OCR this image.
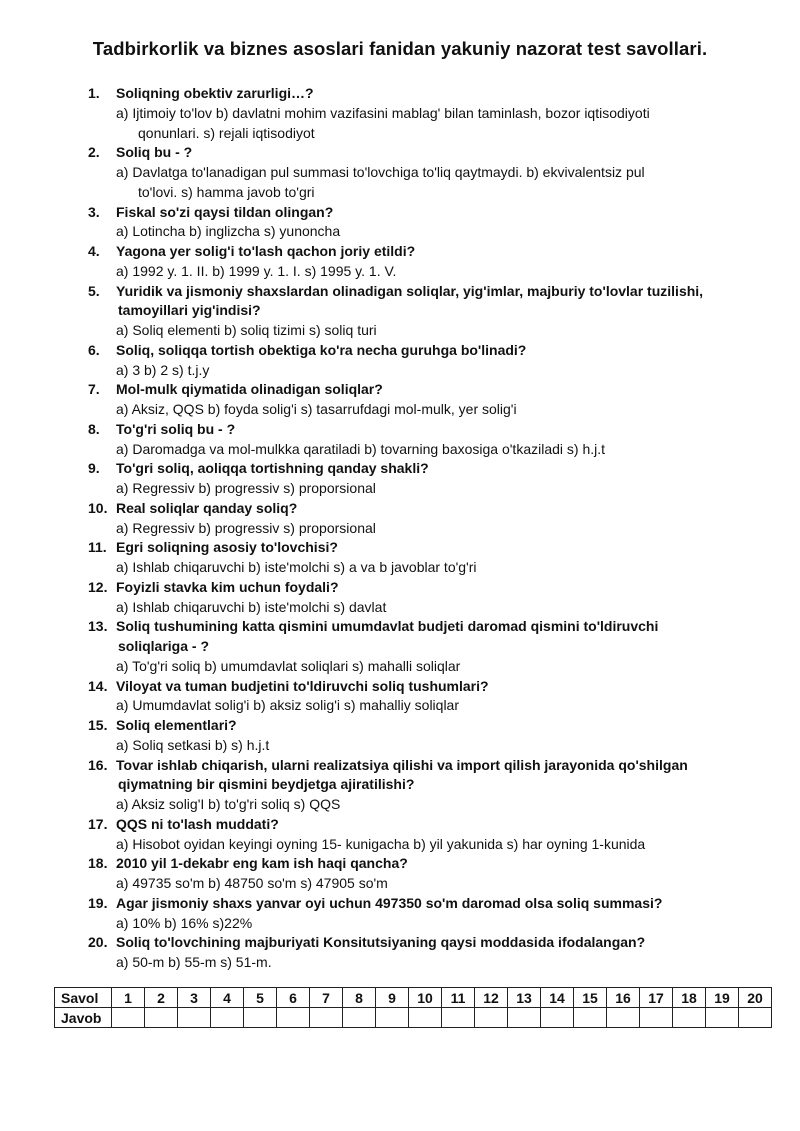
Tadbirkorlik va biznes asoslari fanidan yakuniy nazorat test savollari.
1.	Soliqning obektiv zarurligi…?
a) Ijtimoiy to'lov b) davlatni mohim vazifasini mablag' bilan taminlash, bozor iqtisodiyoti
qonunlari. s) rejali iqtisodiyot
2.	Soliq bu - ?
a) Davlatga to'lanadigan pul summasi to'lovchiga to'liq qaytmaydi. b) ekvivalentsiz pul
to'lovi. s) hamma javob to'gri
3.	Fiskal so'zi qaysi tildan olingan?
a) Lotincha b) inglizcha s) yunoncha
4.	Yagona yer solig'i to'lash qachon joriy etildi?
a) 1992 y. 1. II. b) 1999 y. 1. I. s) 1995 y. 1. V.
5.	Yuridik va jismoniy shaxslardan olinadigan soliqlar, yig'imlar, majburiy to'lovlar tuzilishi,
tamoyillari yig'indisi?
a) Soliq elementi b) soliq tizimi s) soliq turi
6.	Soliq, soliqqa tortish obektiga ko'ra necha guruhga bo'linadi?
a) 3 b) 2 s) t.j.y
7.	Mol-mulk qiymatida olinadigan soliqlar?
a) Aksiz, QQS b) foyda solig'i s) tasarrufdagi mol-mulk, yer solig'i
8.	To'g'ri soliq bu - ?
a) Daromadga va mol-mulkka qaratiladi b) tovarning baxosiga o'tkaziladi s) h.j.t
9.	To'gri soliq, aoliqqa tortishning qanday shakli?
a) Regressiv b) progressiv s) proporsional
10. Real soliqlar qanday soliq?
a) Regressiv b) progressiv s) proporsional
11. Egri soliqning asosiy to'lovchisi?
a) Ishlab chiqaruvchi b) iste'molchi s) a va b javoblar to'g'ri
12. Foyizli stavka kim uchun foydali?
a) Ishlab chiqaruvchi b) iste'molchi s) davlat
13. Soliq tushumining katta qismini umumdavlat budjeti daromad qismini to'ldiruvchi
soliqlariga - ?
a) To'g'ri soliq b) umumdavlat soliqlari s) mahalli soliqlar
14. Viloyat va tuman budjetini to'ldiruvchi soliq tushumlari?
a) Umumdavlat solig'i b) aksiz solig'i s) mahalliy soliqlar
15. Soliq elementlari?
a) Soliq setkasi b) s) h.j.t
16. Tovar ishlab chiqarish, ularni realizatsiya qilishi va import qilish jarayonida qo'shilgan
qiymatning bir qismini beydjetga ajiratilishi?
a) Aksiz solig'I b) to'g'ri soliq s) QQS
17. QQS ni to'lash muddati?
a) Hisobot oyidan keyingi oyning 15- kunigacha b) yil yakunida s) har oyning 1-kunida
18. 2010 yil 1-dekabr eng kam ish haqi qancha?
a) 49735 so'm b) 48750 so'm s) 47905 so'm
19. Agar jismoniy shaxs yanvar oyi uchun 497350 so'm daromad olsa soliq summasi?
a) 10% b) 16% s)22%
20. Soliq to'lovchining majburiyati Konsitutsiyaning qaysi moddasida ifodalangan?
a) 50-m b) 55-m s) 51-m.
Savol	1	2	3	4	5	6	7	8	9	10	11	12	13	14	15	16	17	18	19	20
Javob																				
